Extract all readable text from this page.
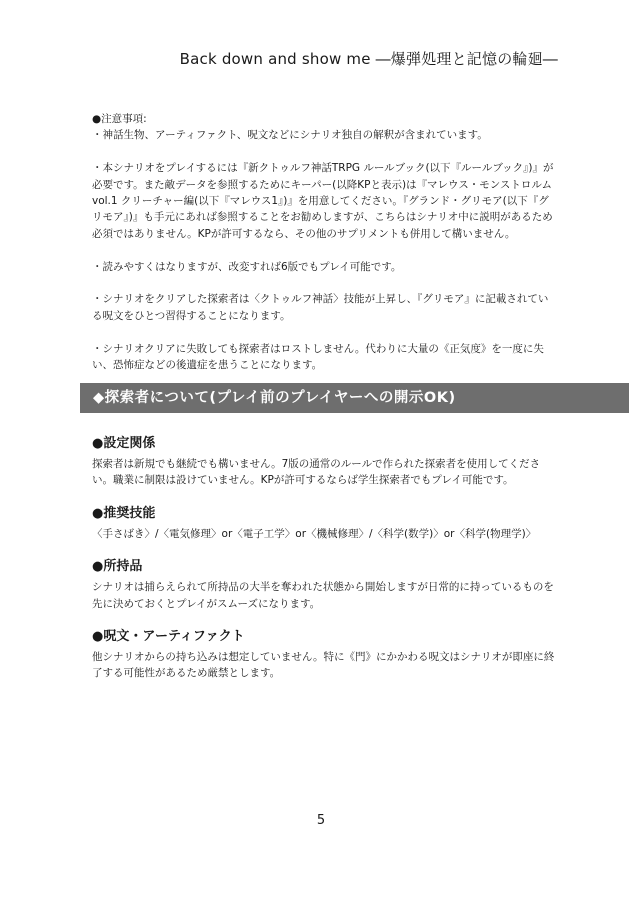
Back down and show me ―爆弾処理と記憶の輪廻―

●注意事項:

・神話生物、アーティファクト、呪文などにシナリオ独自の解釈が含まれています。

・本シナリオをプレイするには『新クトゥルフ神話TRPG ルールブック(以下『ルールブック』)』が必要です。また敵データを参照するためにキーパー(以降KPと表示)は『マレウス・モンストロルム vol.1 クリーチャー編(以下『マレウス1』)』を用意してください。『グランド・グリモア(以下『グリモア』)』も手元にあれば参照することをお勧めしますが、こちらはシナリオ中に説明があるため必須ではありません。KPが許可するなら、その他のサプリメントも併用して構いません。

・読みやすくはなりますが、改変すれば6版でもプレイ可能です。

・シナリオをクリアした探索者は〈クトゥルフ神話〉技能が上昇し、『グリモア』に記載されている呪文をひとつ習得することになります。

・シナリオクリアに失敗しても探索者はロストしません。代わりに大量の《正気度》を一度に失い、恐怖症などの後遺症を患うことになります。

◆探索者について(プレイ前のプレイヤーへの開示OK)
●設定関係
探索者は新規でも継続でも構いません。7版の通常のルールで作られた探索者を使用してください。職業に制限は設けていません。KPが許可するならば学生探索者でもプレイ可能です。
●推奨技能
〈手さばき〉/〈電気修理〉or〈電子工学〉or〈機械修理〉/〈科学(数学)〉or〈科学(物理学)〉
●所持品
シナリオは捕らえられて所持品の大半を奪われた状態から開始しますが日常的に持っているものを先に決めておくとプレイがスムーズになります。
●呪文・アーティファクト
他シナリオからの持ち込みは想定していません。特に《門》にかかわる呪文はシナリオが即座に終了する可能性があるため厳禁とします。
5
